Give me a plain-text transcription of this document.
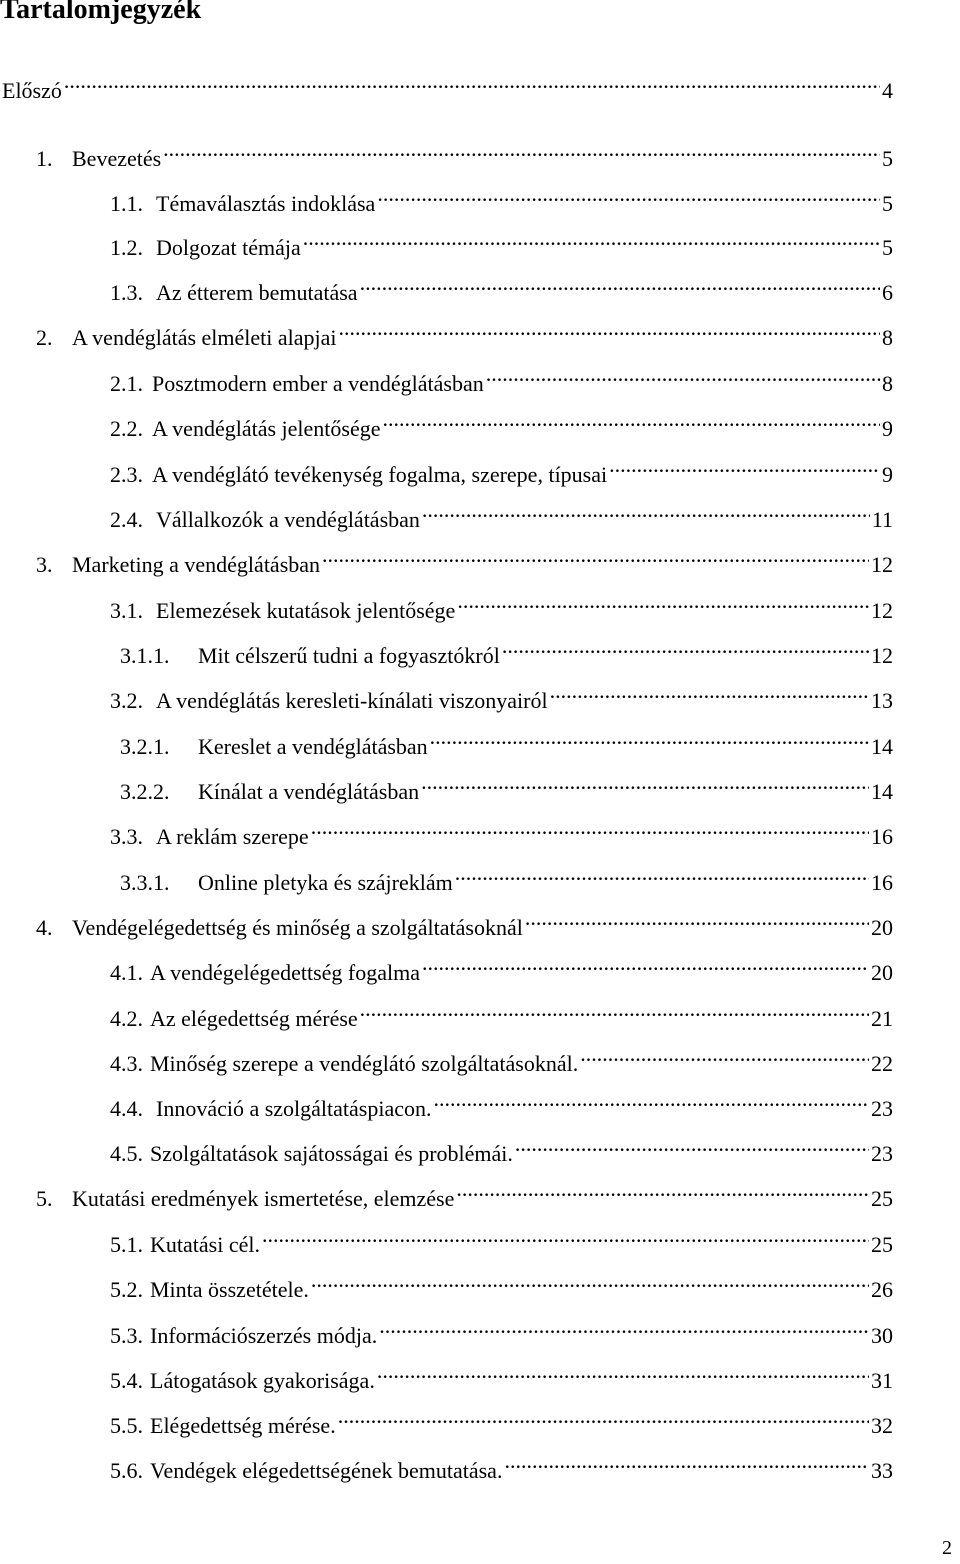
Tartalomjegyzék
Előszó .....	4
1. Bevezetés .....	5
1.1. Témaválasztás indoklása .....	5
1.2. Dolgozat témája .....	5
1.3. Az étterem bemutatása .....	6
2. A vendéglátás elméleti alapjai .....	8
2.1. Posztmodern ember a vendéglátásban .....	8
2.2. A vendéglátás jelentősége .....	9
2.3. A vendéglátó tevékenység fogalma, szerepe, típusai .....	9
2.4. Vállalkozók a vendéglátásban .....	11
3. Marketing a vendéglátásban .....	12
3.1. Elemezések kutatások jelentősége .....	12
3.1.1.	Mit célszerű tudni a fogyasztókról .....	12
3.2. A vendéglátás keresleti-kínálati viszonyairól .....	13
3.2.1.	Kereslet a vendéglátásban .....	14
3.2.2.	Kínálat a vendéglátásban .....	14
3.3. A reklám szerepe .....	16
3.3.1.	Online pletyka és szájreklám .....	16
4. Vendégelégedettség és minőség a szolgáltatásoknál .....	20
4.1. A vendégelégedettség fogalma .....	20
4.2. Az elégedettség mérése .....	21
4.3. Minőség szerepe a vendéglátó szolgáltatásoknál. .....	22
4.4. Innováció a szolgáltatáspiacon. .....	23
4.5. Szolgáltatások sajátosságai és problémái. .....	23
5. Kutatási eredmények ismertetése, elemzése .....	25
5.1. Kutatási cél. .....	25
5.2. Minta összetétele. .....	26
5.3. Információszerzés módja. .....	30
5.4. Látogatások gyakorisága. .....	31
5.5. Elégedettség mérése. .....	32
5.6. Vendégek elégedettségének bemutatása. .....	33
2
